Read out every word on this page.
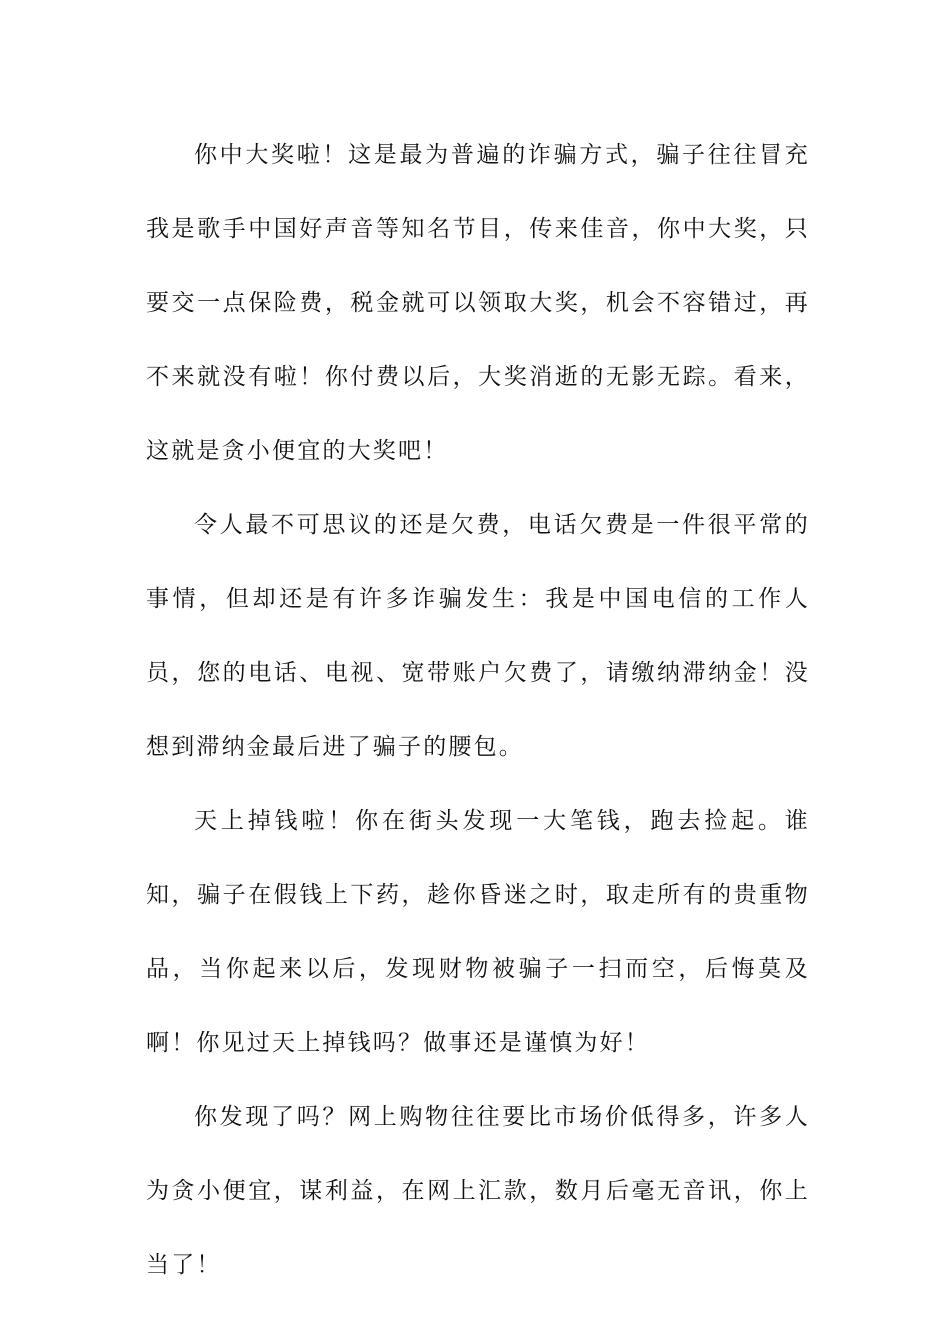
你中大奖啦！这是最为普遍的诈骗方式，骗子往往冒充我是歌手中国好声音等知名节目，传来佳音，你中大奖，只要交一点保险费，税金就可以领取大奖，机会不容错过，再不来就没有啦！你付费以后，大奖消逝的无影无踪。看来，这就是贪小便宜的大奖吧！

令人最不可思议的还是欠费，电话欠费是一件很平常的事情，但却还是有许多诈骗发生：我是中国电信的工作人员，您的电话、电视、宽带账户欠费了，请缴纳滞纳金！没想到滞纳金最后进了骗子的腰包。

天上掉钱啦！你在街头发现一大笔钱，跑去捡起。谁知，骗子在假钱上下药，趁你昏迷之时，取走所有的贵重物品，当你起来以后，发现财物被骗子一扫而空，后悔莫及啊！你见过天上掉钱吗？做事还是谨慎为好！

你发现了吗？网上购物往往要比市场价低得多，许多人为贪小便宜，谋利益，在网上汇款，数月后毫无音讯，你上当了！
